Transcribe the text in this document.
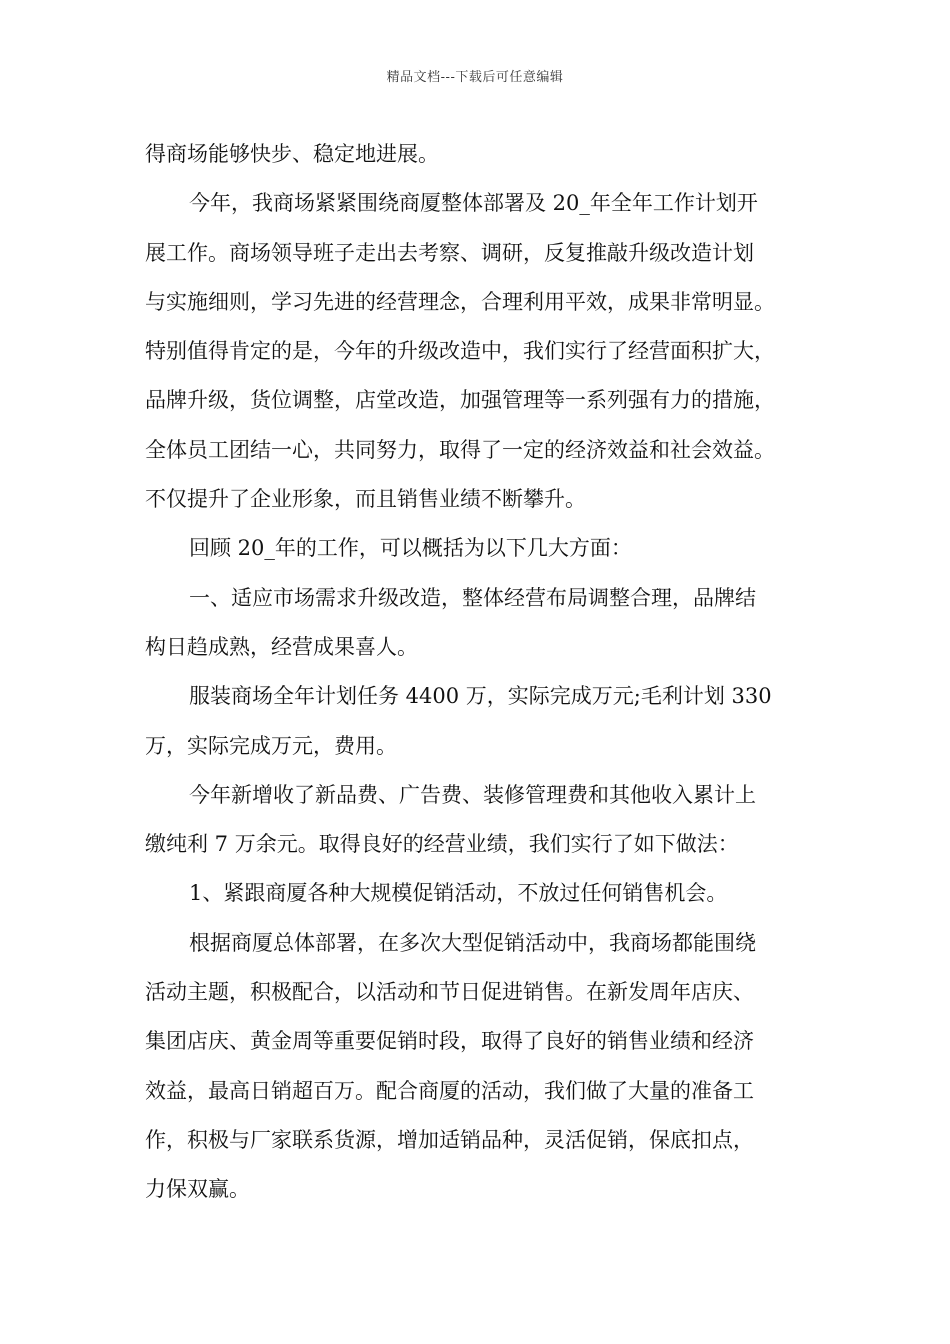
精品文档---下载后可任意编辑
得商场能够快步、稳定地进展。
今年，我商场紧紧围绕商厦整体部署及 20_年全年工作计划开
展工作。商场领导班子走出去考察、调研，反复推敲升级改造计划
与实施细则，学习先进的经营理念，合理利用平效，成果非常明显。
特别值得肯定的是，今年的升级改造中，我们实行了经营面积扩大，
品牌升级，货位调整，店堂改造，加强管理等一系列强有力的措施，
全体员工团结一心，共同努力，取得了一定的经济效益和社会效益。
不仅提升了企业形象，而且销售业绩不断攀升。
回顾 20_年的工作，可以概括为以下几大方面：
一、适应市场需求升级改造，整体经营布局调整合理，品牌结
构日趋成熟，经营成果喜人。
服装商场全年计划任务 4400 万，实际完成万元;毛利计划 330
万，实际完成万元，费用。
今年新增收了新品费、广告费、装修管理费和其他收入累计上
缴纯利 7 万余元。取得良好的经营业绩，我们实行了如下做法：
1、紧跟商厦各种大规模促销活动，不放过任何销售机会。
根据商厦总体部署，在多次大型促销活动中，我商场都能围绕
活动主题，积极配合，以活动和节日促进销售。在新发周年店庆、
集团店庆、黄金周等重要促销时段，取得了良好的销售业绩和经济
效益，最高日销超百万。配合商厦的活动，我们做了大量的准备工
作，积极与厂家联系货源，增加适销品种，灵活促销，保底扣点，
力保双赢。
